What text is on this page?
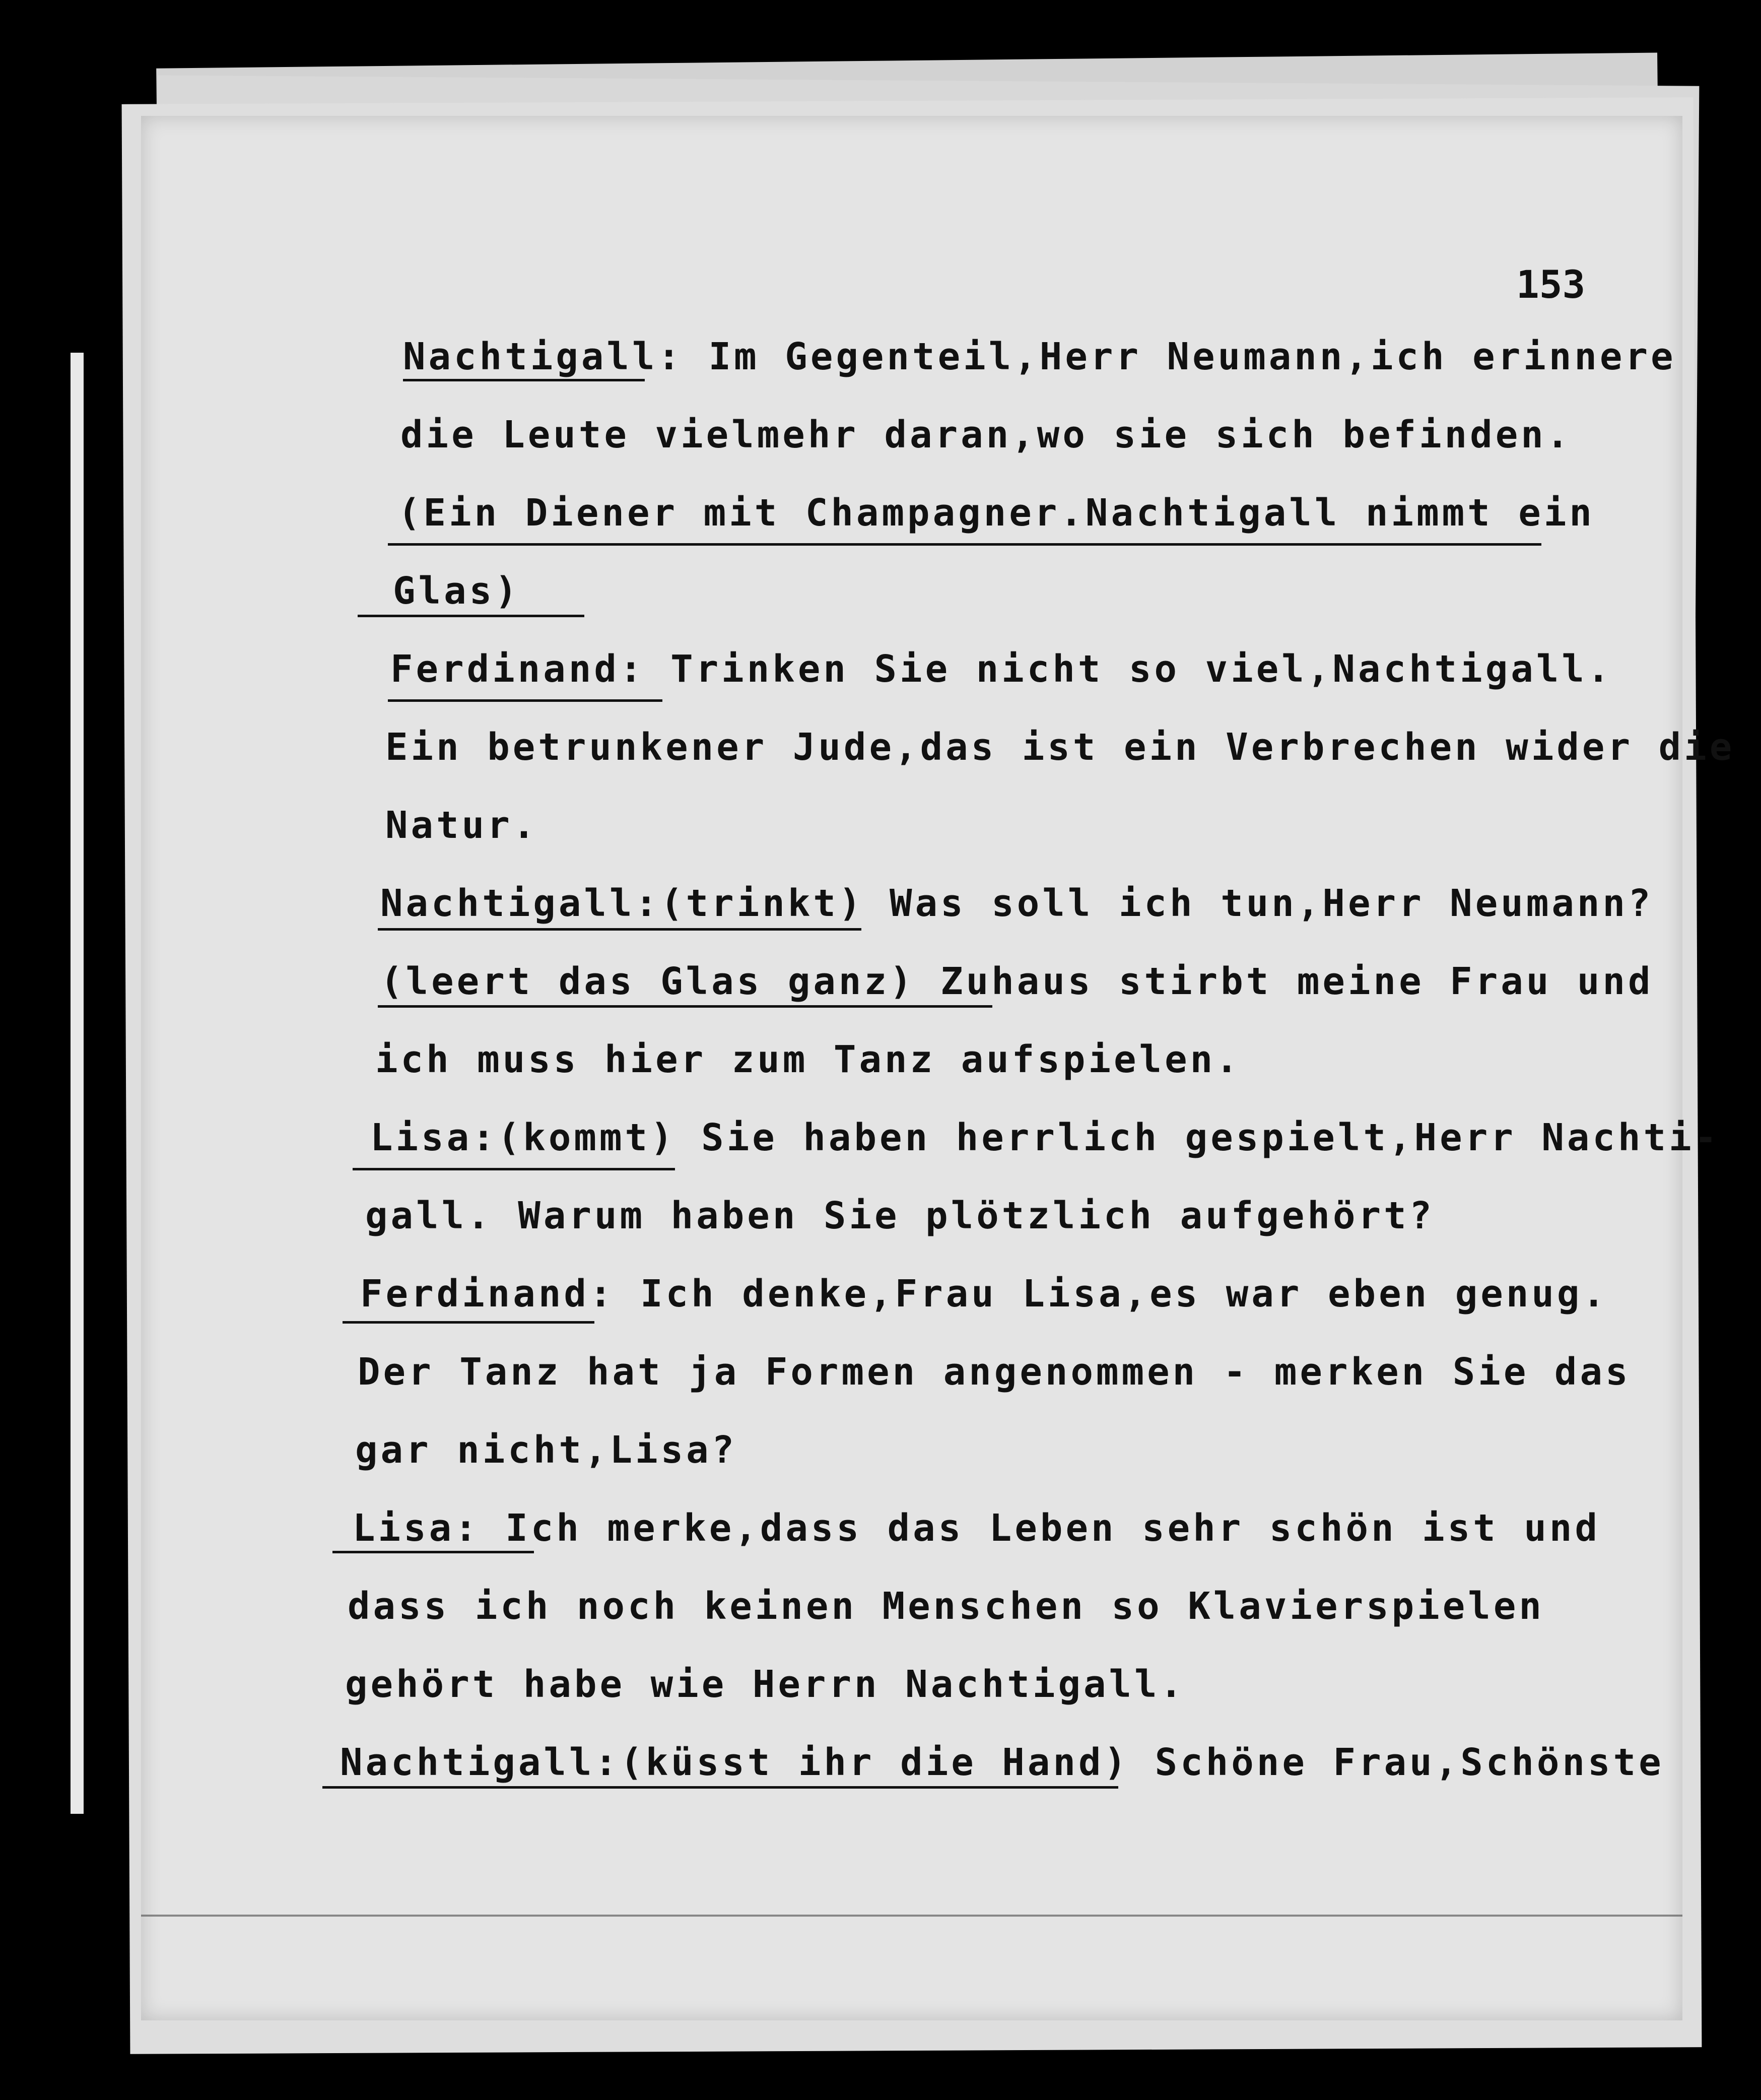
153
Nachtigall: Im Gegenteil,Herr Neumann,ich erinnere
die Leute vielmehr daran,wo sie sich befinden.
(Ein Diener mit Champagner.Nachtigall nimmt ein
Glas)
Ferdinand: Trinken Sie nicht so viel,Nachtigall.
Ein betrunkener Jude,das ist ein Verbrechen wider die
Natur.
Nachtigall:(trinkt) Was soll ich tun,Herr Neumann?
(leert das Glas ganz) Zuhaus stirbt meine Frau und
ich muss hier zum Tanz aufspielen.
Lisa:(kommt) Sie haben herrlich gespielt,Herr Nachti-
gall. Warum haben Sie plötzlich aufgehört?
Ferdinand: Ich denke,Frau Lisa,es war eben genug.
Der Tanz hat ja Formen angenommen - merken Sie das
gar nicht,Lisa?
Lisa: Ich merke,dass das Leben sehr schön ist und
dass ich noch keinen Menschen so Klavierspielen
gehört habe wie Herrn Nachtigall.
Nachtigall:(küsst ihr die Hand) Schöne Frau,Schönste
